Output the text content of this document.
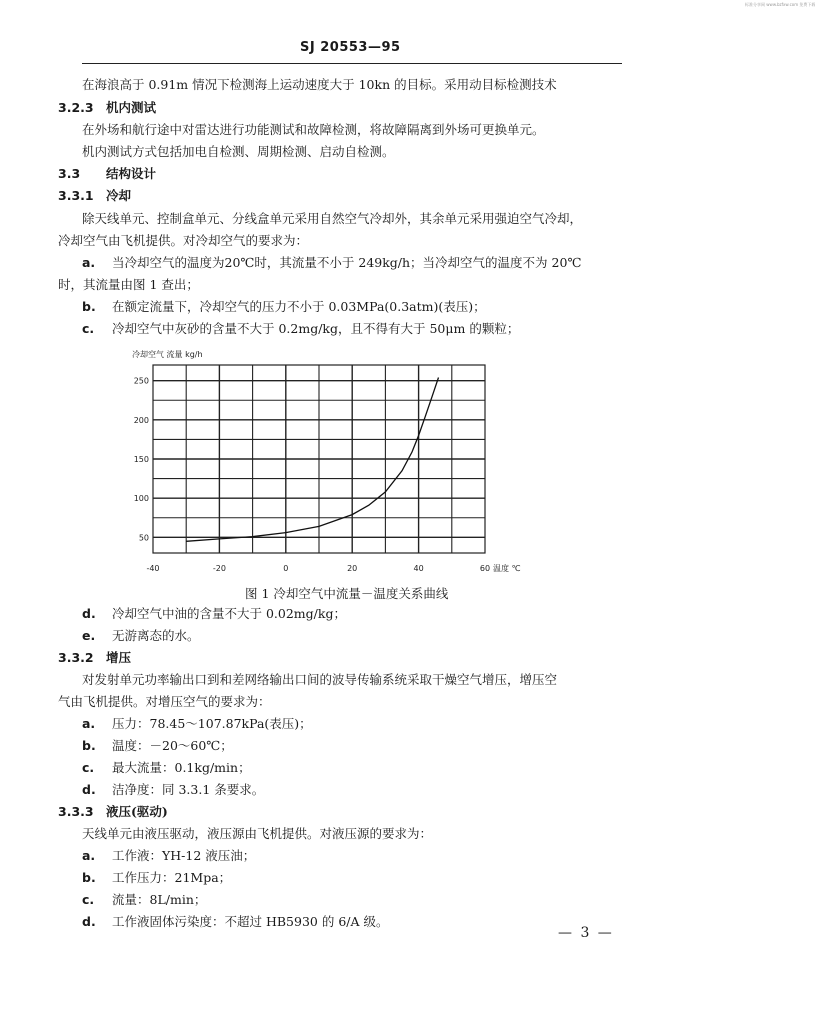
标准分享网 www.bzfxw.com 免费下载
SJ 20553—95
在海浪高于 0.91m 情况下检测海上运动速度大于 10kn 的目标。采用动目标检测技术
3.2.3 机内测试
在外场和航行途中对雷达进行功能测试和故障检测，将故障隔离到外场可更换单元。
机内测试方式包括加电自检测、周期检测、启动自检测。
3.3 结构设计
3.3.1 冷却
除天线单元、控制盒单元、分线盒单元采用自然空气冷却外，其余单元采用强迫空气冷却，
冷却空气由飞机提供。对冷却空气的要求为：
a. 当冷却空气的温度为20℃时，其流量不小于 249kg/h；当冷却空气的温度不为 20℃
时，其流量由图 1 查出；
b. 在额定流量下，冷却空气的压力不小于 0.03MPa(0.3atm)(表压)；
c. 冷却空气中灰砂的含量不大于 0.2mg/kg，且不得有大于 50μm 的颗粒；
冷却空气 流量 kg/h
-40	-20	0	20	40	60
50
100
150
200
250
温度 ℃
图 1 冷却空气中流量－温度关系曲线
d. 冷却空气中油的含量不大于 0.02mg/kg；
e. 无游离态的水。
3.3.2 增压
对发射单元功率输出口到和差网络输出口间的波导传输系统采取干燥空气增压，增压空
气由飞机提供。对增压空气的要求为：
a. 压力：78.45～107.87kPa(表压)；
b. 温度：－20～60℃；
c. 最大流量：0.1kg/min；
d. 洁净度：同 3.3.1 条要求。
3.3.3 液压(驱动)
天线单元由液压驱动，液压源由飞机提供。对液压源的要求为：
a. 工作液：YH-12 液压油；
b. 工作压力：21Mpa；
c. 流量：8L/min；
d. 工作液固体污染度：不超过 HB5930 的 6/A 级。
— 3 —
